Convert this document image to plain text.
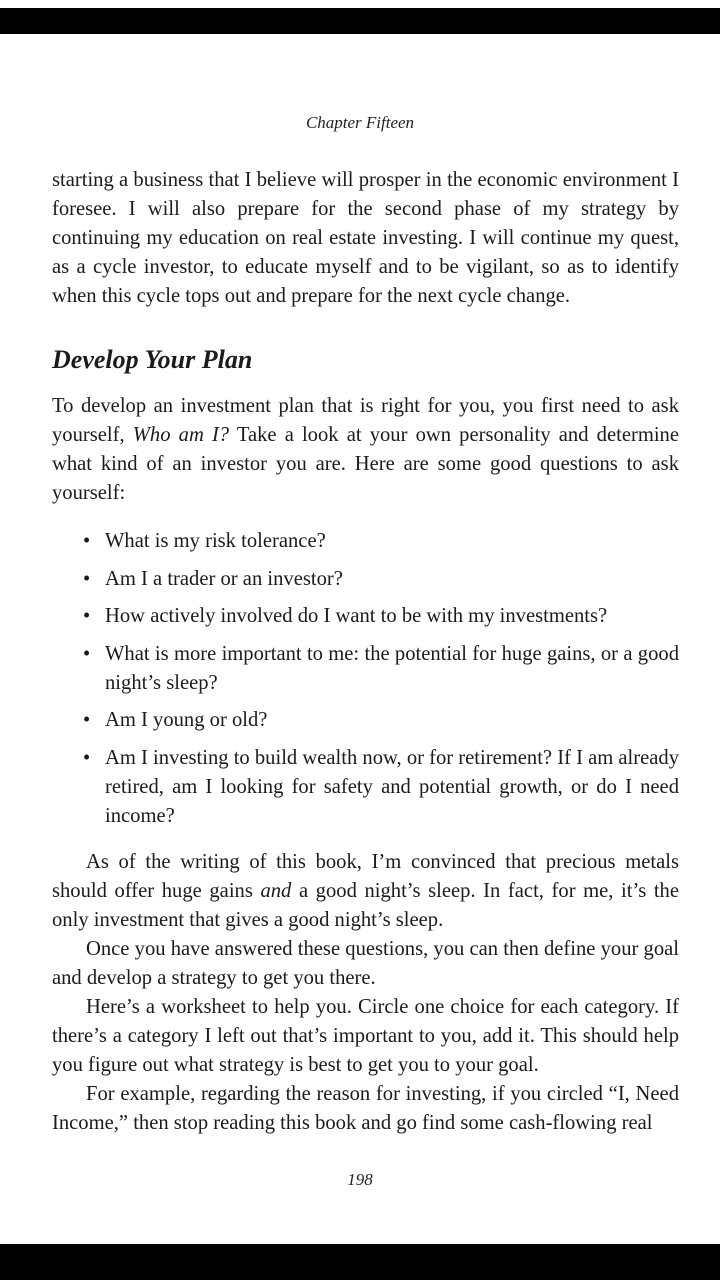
Chapter Fifteen

starting a business that I believe will prosper in the economic environment I foresee. I will also prepare for the second phase of my strategy by continuing my education on real estate investing. I will continue my quest, as a cycle investor, to educate myself and to be vigilant, so as to identify when this cycle tops out and prepare for the next cycle change.

Develop Your Plan

To develop an investment plan that is right for you, you first need to ask yourself, Who am I? Take a look at your own personality and determine what kind of an investor you are. Here are some good questions to ask yourself:

• What is my risk tolerance?
• Am I a trader or an investor?
• How actively involved do I want to be with my investments?
• What is more important to me: the potential for huge gains, or a good night’s sleep?
• Am I young or old?
• Am I investing to build wealth now, or for retirement? If I am already retired, am I looking for safety and potential growth, or do I need income?

As of the writing of this book, I’m convinced that precious metals should offer huge gains and a good night’s sleep. In fact, for me, it’s the only investment that gives a good night’s sleep.

Once you have answered these questions, you can then define your goal and develop a strategy to get you there.

Here’s a worksheet to help you. Circle one choice for each category. If there’s a category I left out that’s important to you, add it. This should help you figure out what strategy is best to get you to your goal.

For example, regarding the reason for investing, if you circled “I, Need Income,” then stop reading this book and go find some cash-flowing real

198
